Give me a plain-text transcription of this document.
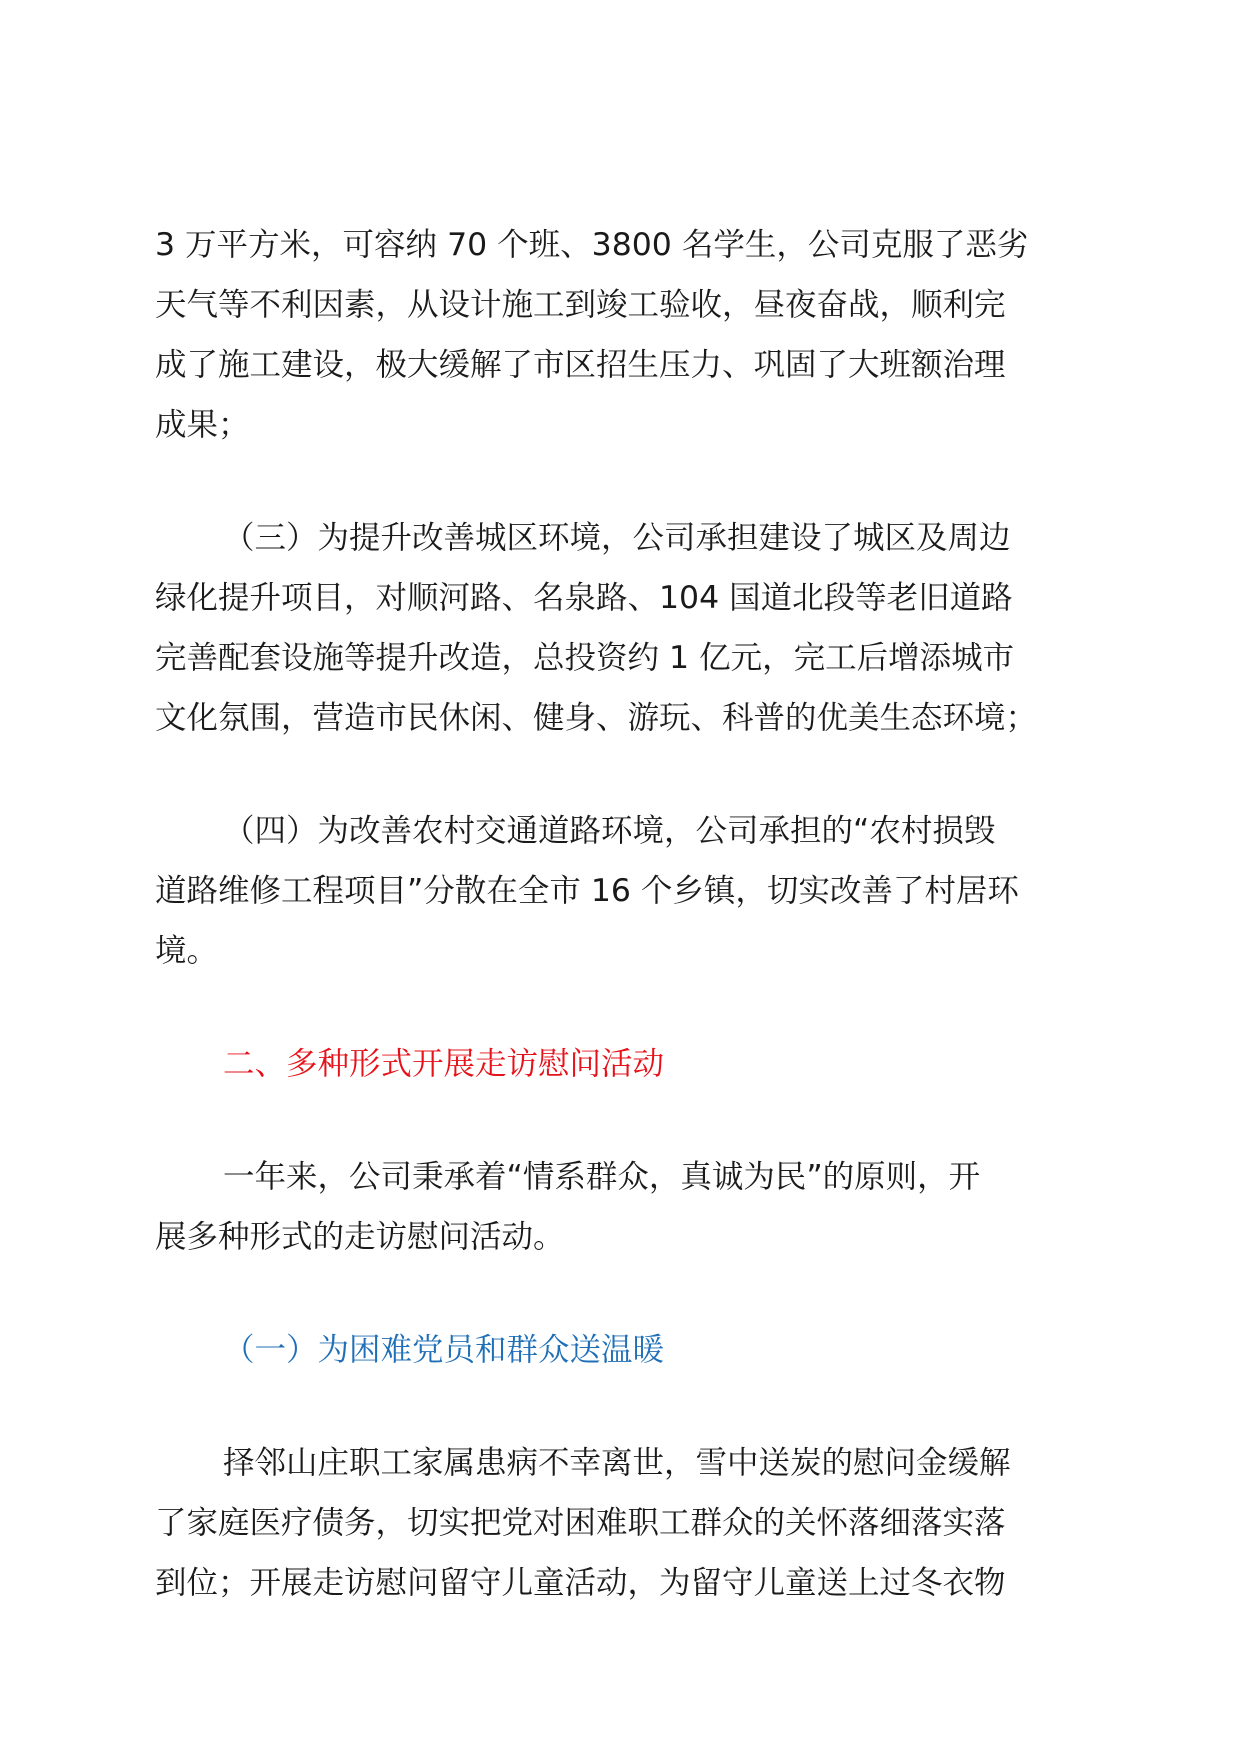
3 万平方米，可容纳 70 个班、3800 名学生，公司克服了恶劣
天气等不利因素，从设计施工到竣工验收，昼夜奋战，顺利完
成了施工建设，极大缓解了市区招生压力、巩固了大班额治理
成果；
（三）为提升改善城区环境，公司承担建设了城区及周边
绿化提升项目，对顺河路、名泉路、104 国道北段等老旧道路
完善配套设施等提升改造，总投资约 1 亿元，完工后增添城市
文化氛围，营造市民休闲、健身、游玩、科普的优美生态环境；
（四）为改善农村交通道路环境，公司承担的“农村损毁
道路维修工程项目”分散在全市 16 个乡镇，切实改善了村居环
境。
二、多种形式开展走访慰问活动
一年来，公司秉承着“情系群众，真诚为民”的原则，开
展多种形式的走访慰问活动。
（一）为困难党员和群众送温暖
择邻山庄职工家属患病不幸离世，雪中送炭的慰问金缓解
了家庭医疗债务，切实把党对困难职工群众的关怀落细落实落
到位；开展走访慰问留守儿童活动，为留守儿童送上过冬衣物
